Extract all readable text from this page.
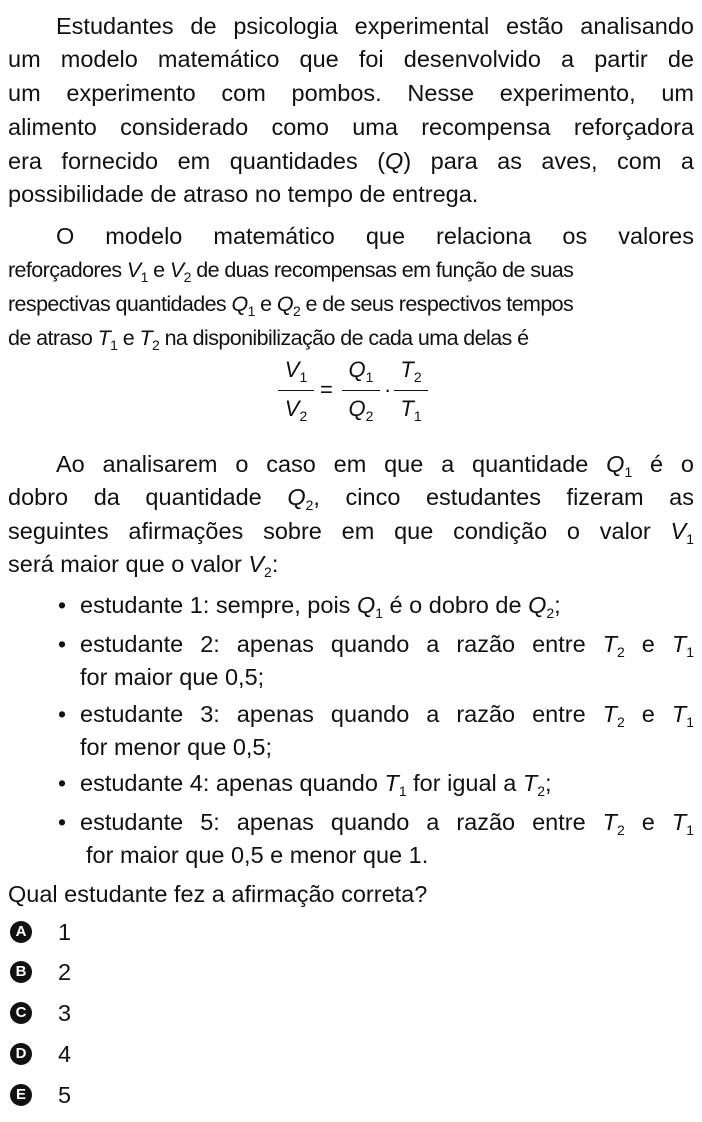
Estudantes de psicologia experimental estão analisando
um modelo matemático que foi desenvolvido a partir de
um experimento com pombos. Nesse experimento, um
alimento considerado como uma recompensa reforçadora
era fornecido em quantidades (Q) para as aves, com a
possibilidade de atraso no tempo de entrega.
O modelo matemático que relaciona os valores
reforçadores $V_1$ e $V_2$ de duas recompensas em função de suas
respectivas quantidades $Q_1$ e $Q_2$ e de seus respectivos tempos
de atraso $T_1$ e $T_2$ na disponibilização de cada uma delas é
$V_1$
$V_2$
=
$Q_1$
$Q_2$
·
$T_2$
$T_1$
Ao analisarem o caso em que a quantidade $Q_1$ é o
dobro da quantidade $Q_2$, cinco estudantes fizeram as
seguintes afirmações sobre em que condição o valor $V_1$
será maior que o valor $V_2$:
• estudante 1: sempre, pois $Q_1$ é o dobro de $Q_2$;
• estudante 2: apenas quando a razão entre $T_2$ e $T_1$
for maior que 0,5;
• estudante 3: apenas quando a razão entre $T_2$ e $T_1$
for menor que 0,5;
• estudante 4: apenas quando $T_1$ for igual a $T_2$;
• estudante 5: apenas quando a razão entre $T_2$ e $T_1$
for maior que 0,5 e menor que 1.
Qual estudante fez a afirmação correta?
A 1
B 2
C 3
D 4
E 5
